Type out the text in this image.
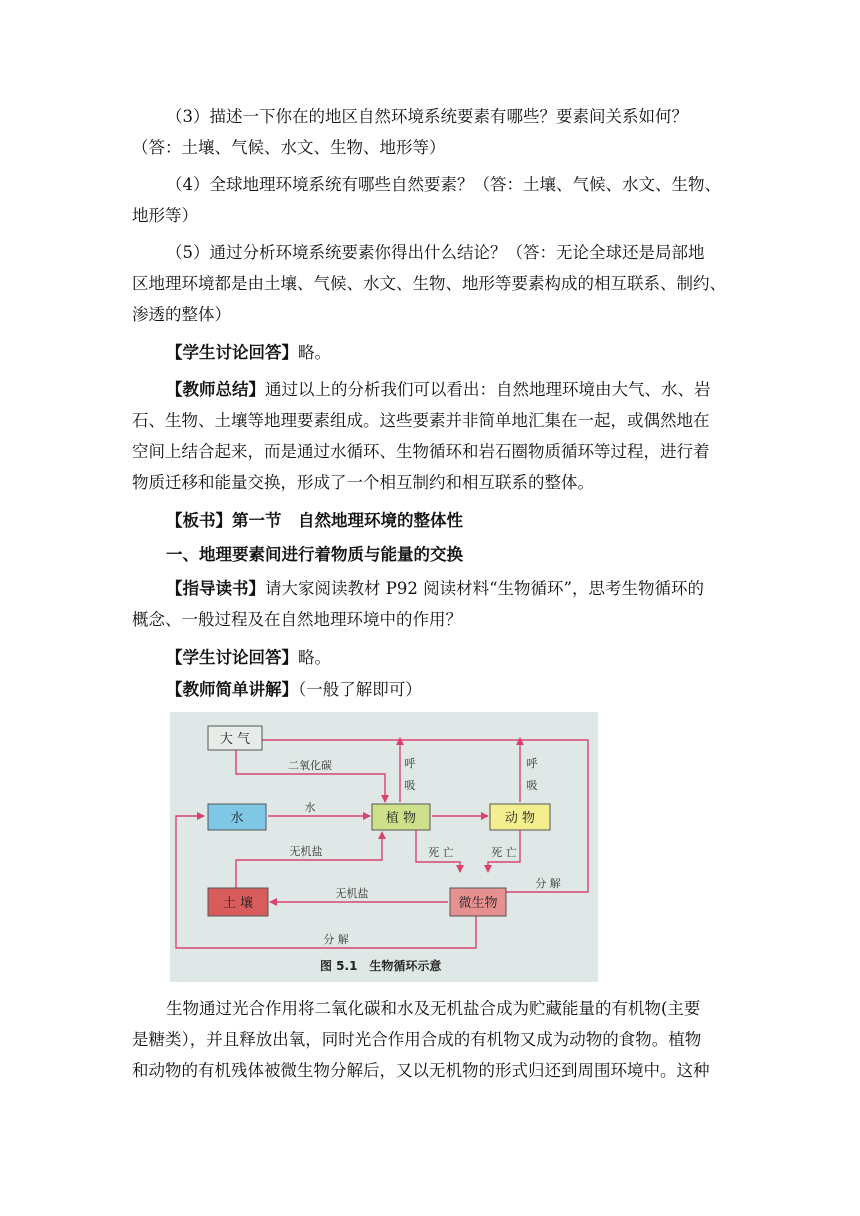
（3）描述一下你在的地区自然环境系统要素有哪些？要素间关系如何？
（答：土壤、气候、水文、生物、地形等）
（4）全球地理环境系统有哪些自然要素？（答：土壤、气候、水文、生物、
地形等）
（5）通过分析环境系统要素你得出什么结论？（答：无论全球还是局部地
区地理环境都是由土壤、气候、水文、生物、地形等要素构成的相互联系、制约、
渗透的整体）
【学生讨论回答】略。
【教师总结】通过以上的分析我们可以看出：自然地理环境由大气、水、岩
石、生物、土壤等地理要素组成。这些要素并非简单地汇集在一起，或偶然地在
空间上结合起来，而是通过水循环、生物循环和岩石圈物质循环等过程，进行着
物质迁移和能量交换，形成了一个相互制约和相互联系的整体。
【板书】第一节　自然地理环境的整体性
一、地理要素间进行着物质与能量的交换
【指导读书】请大家阅读教材 P92 阅读材料“生物循环”，思考生物循环的
概念、一般过程及在自然地理环境中的作用？
【学生讨论回答】略。
【教师简单讲解】（一般了解即可）
大 气
水	植 物	动 物
土 壤	微生物
二氧化碳
水
无机盐
无机盐
呼
吸
呼
吸
死 亡	死 亡
分 解
分 解
图 5.1　生物循环示意
生物通过光合作用将二氧化碳和水及无机盐合成为贮藏能量的有机物(主要
是糖类），并且释放出氧，同时光合作用合成的有机物又成为动物的食物。植物
和动物的有机残体被微生物分解后，又以无机物的形式归还到周围环境中。这种
